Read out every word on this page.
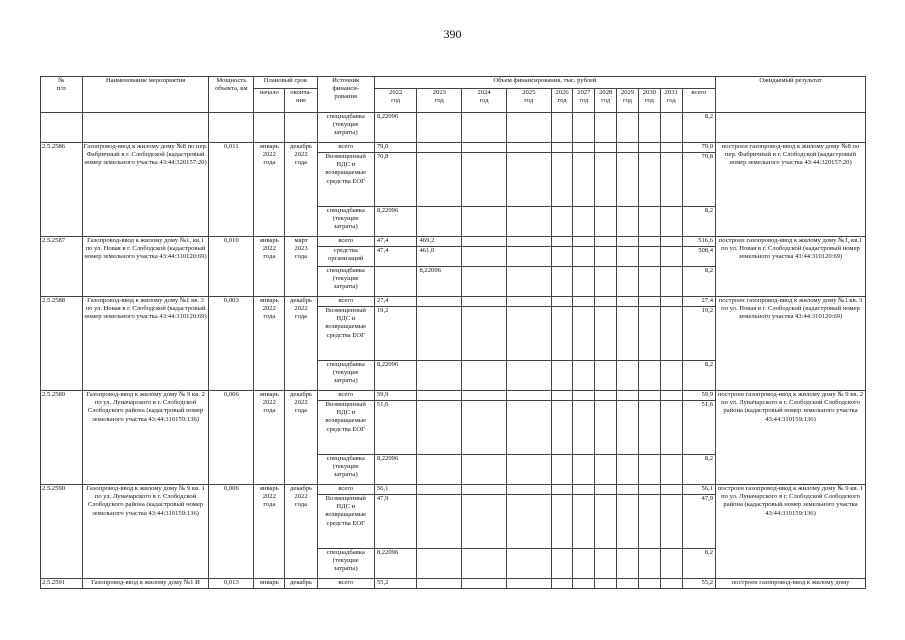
390
№
п/п	Наименование мероприятия	Мощность
объекта, км	Плановый срок		Источник
финанси-
рования	Объем финансирования, тыс. рублей											Ожидаемый результат
			начало	оконча-
ние		2022
год	2023
год	2024
год	2025
год	2026
год	2027
год	2028
год	2029
год	2030
год	2031
год	всего	
					спецнадбавка
(текущие
затраты)	8,22096										8,2	
2.5.2586	Газопровод-ввод к жилому дому №8 по пер. Фабричный в г. Слободской (кадастровый номер земельного участка 43:44:320157:20)	0,011	январь
2022
года	декабрь
2022
года	всего	79,0										79,0	построен газопровод-ввод к жилому дому №8 по пер. Фабричный в г. Слободской (кадастровый номер земельного участка 43:44:320157:20)
					Возмещенный
НДС и
возвращаемые
средства ЕОГ	70,8										70,8	
					спецнадбавка
(текущие
затраты)	8,22096										8,2	
2.5.2587	Газопровод-ввод к жилому дому №1, кв.1 по ул. Новая в г. Слободской (кадастровый номер земельного участка 43:44:310120:69)	0,010	январь
2022
года	март
2023
года	всего	47,4	469,2									516,6	построен газопровод-ввод к жилому дому №1, кв.1 по ул. Новая в г. Слободской (кадастровый номер земельного участка 43:44:310120:69)
					средства
организаций	47,4	461,0									508,4	
					спецнадбавка
(текущие
затраты)		8,22096									8,2	
2.5.2588	Газопровод-ввод к жилому дому №1 кв. 3 по ул. Новая в г. Слободской (кадастровый номер земельного участка 43:44:310120:69)	0,003	январь
2022
года	декабрь
2022
года	всего	27,4										27,4	построен газопровод-ввод к жилому дому №1 кв. 3 по ул. Новая в г. Слободской (кадастровый номер земельного участка 43:44:310120:69)
					Возмещенный
НДС и
возвращаемые
средства ЕОГ	19,2										19,2	
					спецнадбавка
(текущие
затраты)	8,22096										8,2	
2.5.2589	Газопровод-ввод к жилому дому № 9 кв. 2 по ул. Луначарского в г. Слободской Слободского района (кадастровый номер земельного участка 43:44:310159:136)	0,006	январь
2022
года	декабрь
2022
года	всего	59,9										59,9	построен газопровод-ввод к жилому дому № 9 кв. 2 по ул. Луначарского в г. Слободской Слободского района (кадастровый номер земельного участка 43:44:310159:136)
					Возмещенный
НДС и
возвращаемые
средства ЕОГ	51,6										51,6	
					спецнадбавка
(текущие
затраты)	8,22096										8,2	
2.5.2590	Газопровод-ввод к жилому дому № 9 кв. 1 по ул. Луначарского в г. Слободской Слободского района (кадастровый номер земельного участка 43:44:310159:136)	0,006	январь
2022
года	декабрь
2022
года	всего	56,1										56,1	построен газопровод-ввод к жилому дому № 9 кв. 1 по ул. Луначарского в г. Слободской Слободского района (кадастровый номер земельного участка 43:44:310159:136)
					Возмещенный
НДС и
возвращаемые
средства ЕОГ	47,9										47,9	
					спецнадбавка
(текущие
затраты)	8,22096										8,2	
2.5.2591	Газопровод-ввод к жилому дому №1 И	0,013	январь	декабрь	всего	55,2										55,2	построен газопровод-ввод к жилому дому
